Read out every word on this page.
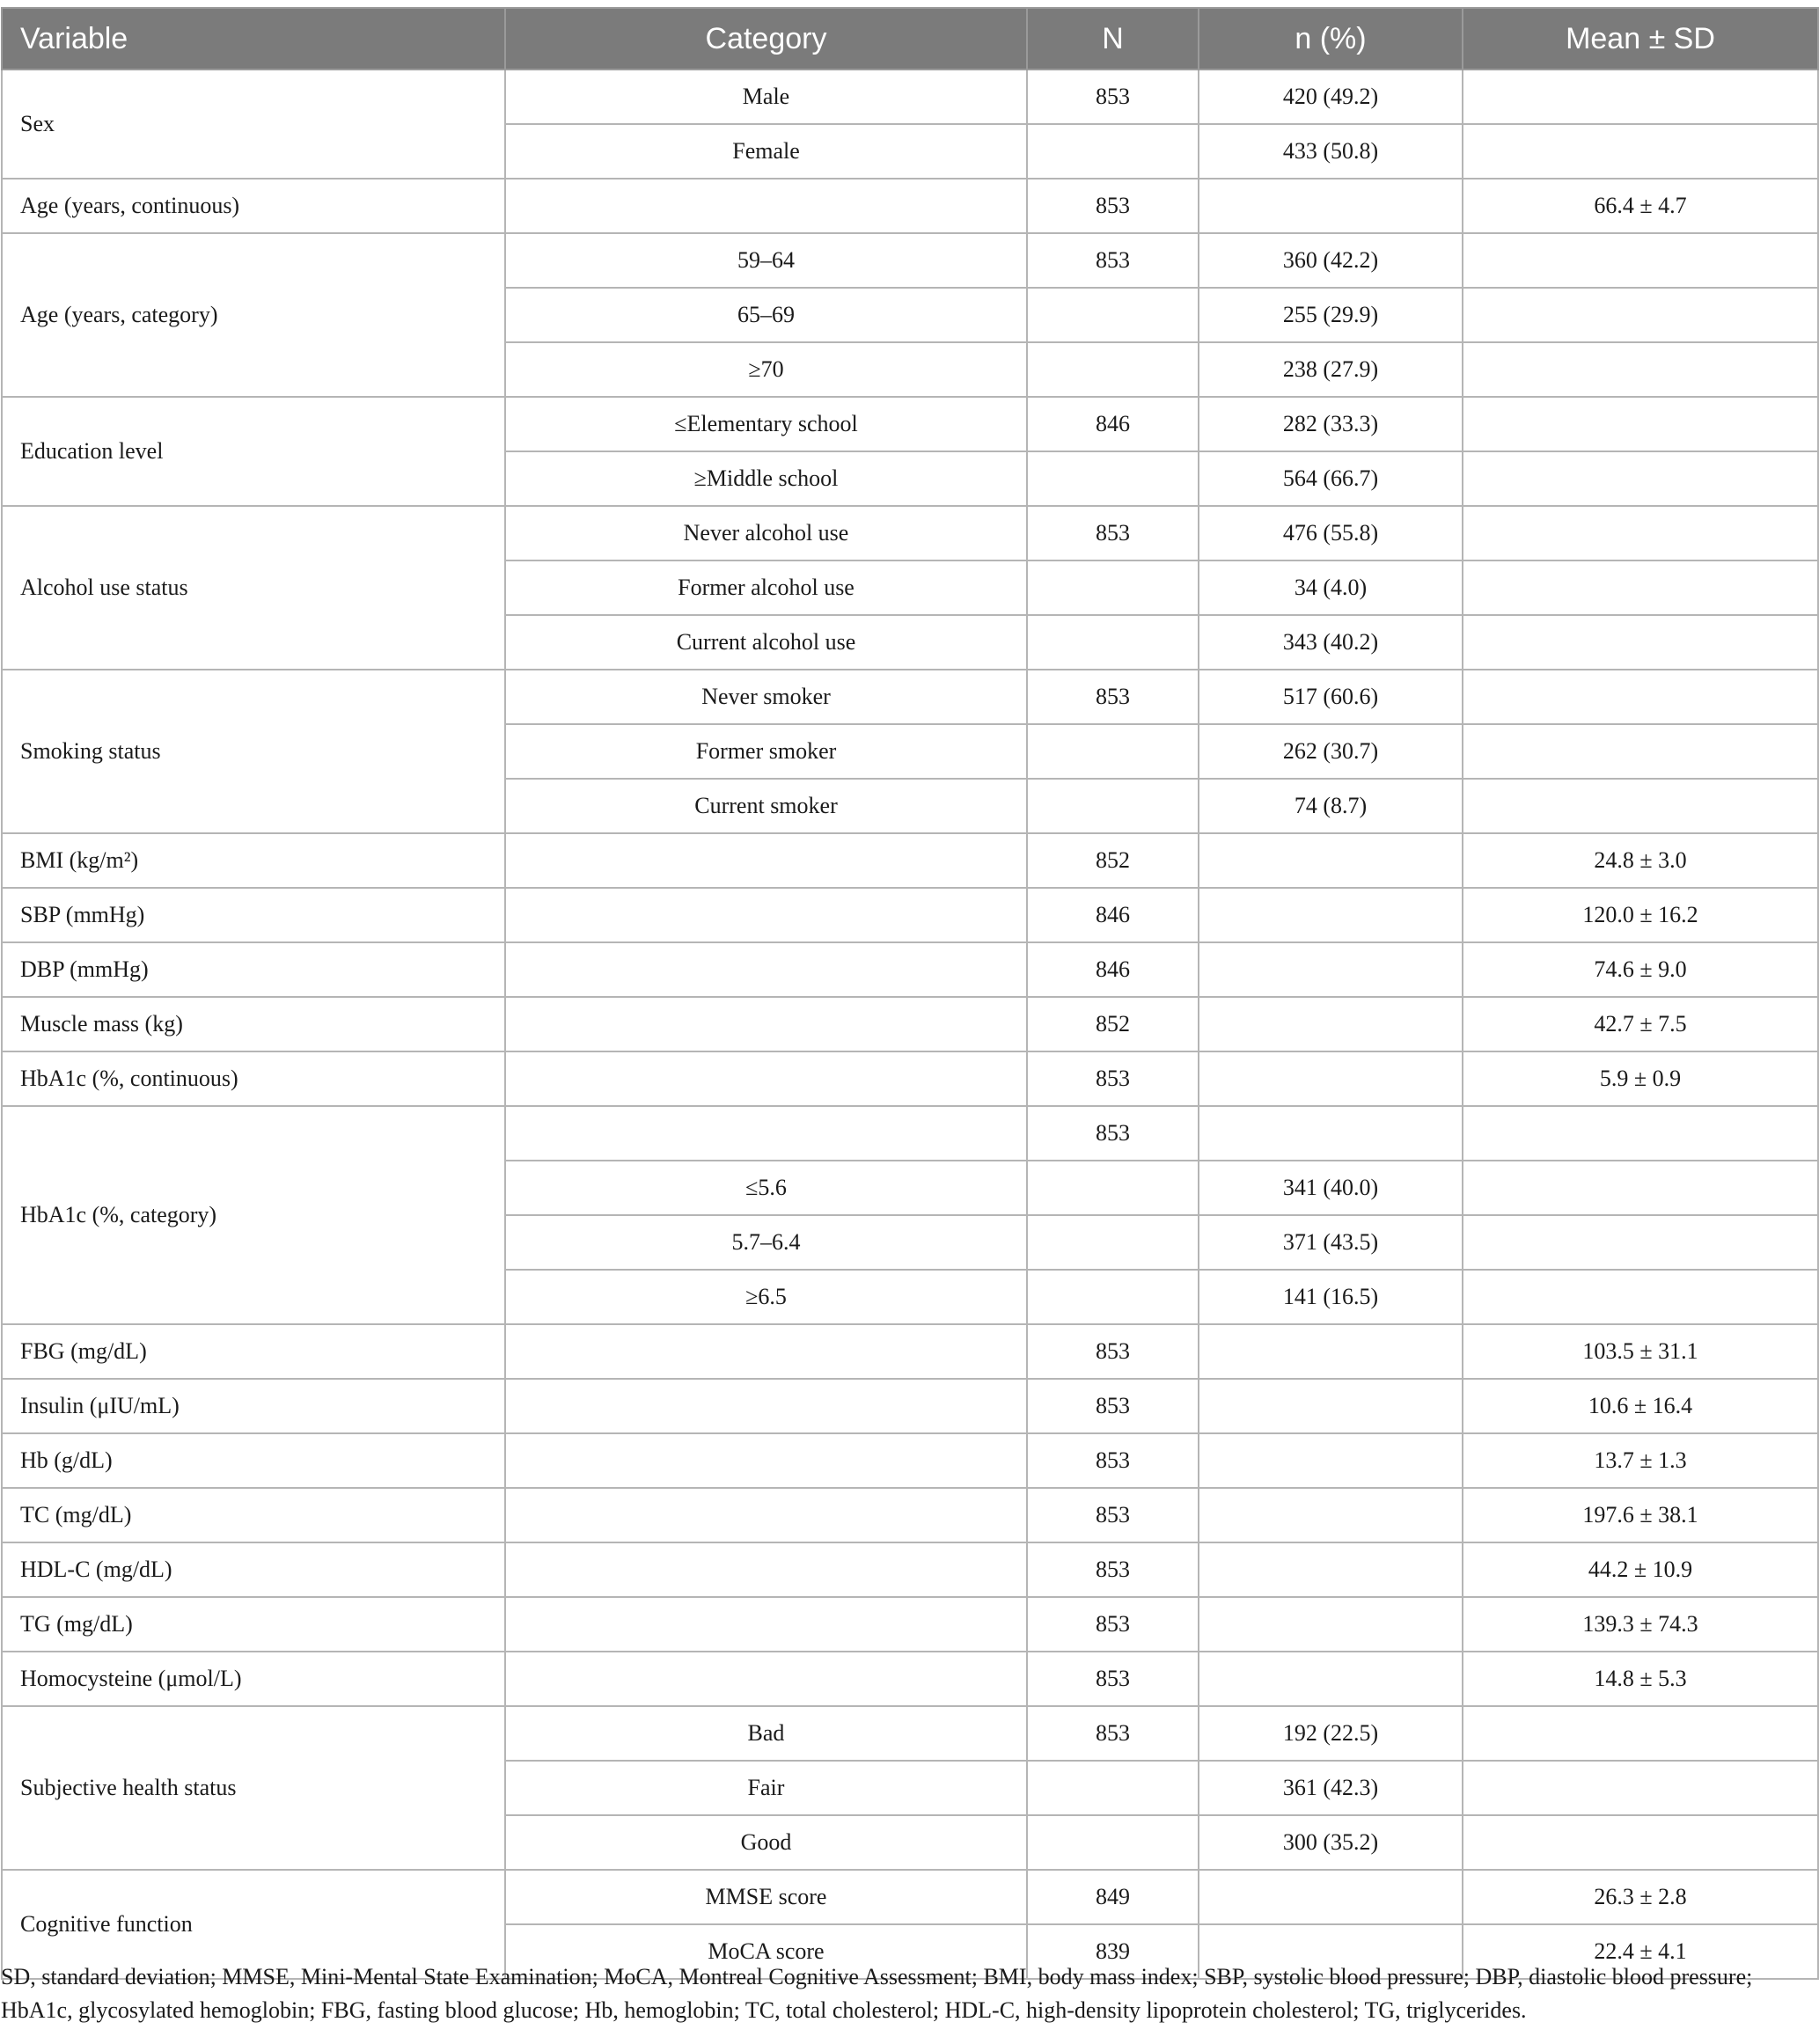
Variable	Category	N	n (%)	Mean ± SD
Sex	Male	853	420 (49.2)	
	Female		433 (50.8)	
Age (years, continuous)		853		66.4 ± 4.7
Age (years, category)	59–64	853	360 (42.2)	
	65–69		255 (29.9)	
	≥70		238 (27.9)	
Education level	≤Elementary school	846	282 (33.3)	
	≥Middle school		564 (66.7)	
Alcohol use status	Never alcohol use	853	476 (55.8)	
	Former alcohol use		34 (4.0)	
	Current alcohol use		343 (40.2)	
Smoking status	Never smoker	853	517 (60.6)	
	Former smoker		262 (30.7)	
	Current smoker		74 (8.7)	
BMI (kg/m²)		852		24.8 ± 3.0
SBP (mmHg)		846		120.0 ± 16.2
DBP (mmHg)		846		74.6 ± 9.0
Muscle mass (kg)		852		42.7 ± 7.5
HbA1c (%, continuous)		853		5.9 ± 0.9
HbA1c (%, category)		853		
	≤5.6		341 (40.0)	
	5.7–6.4		371 (43.5)	
	≥6.5		141 (16.5)	
FBG (mg/dL)		853		103.5 ± 31.1
Insulin (μIU/mL)		853		10.6 ± 16.4
Hb (g/dL)		853		13.7 ± 1.3
TC (mg/dL)		853		197.6 ± 38.1
HDL-C (mg/dL)		853		44.2 ± 10.9
TG (mg/dL)		853		139.3 ± 74.3
Homocysteine (μmol/L)		853		14.8 ± 5.3
Subjective health status	Bad	853	192 (22.5)	
	Fair		361 (42.3)	
	Good		300 (35.2)	
Cognitive function	MMSE score	849		26.3 ± 2.8
	MoCA score	839		22.4 ± 4.1
SD, standard deviation; MMSE, Mini-Mental State Examination; MoCA, Montreal Cognitive Assessment; BMI, body mass index; SBP, systolic blood pressure; DBP, diastolic blood pressure; HbA1c, glycosylated hemoglobin; FBG, fasting blood glucose; Hb, hemoglobin; TC, total cholesterol; HDL-C, high-density lipoprotein cholesterol; TG, triglycerides.
